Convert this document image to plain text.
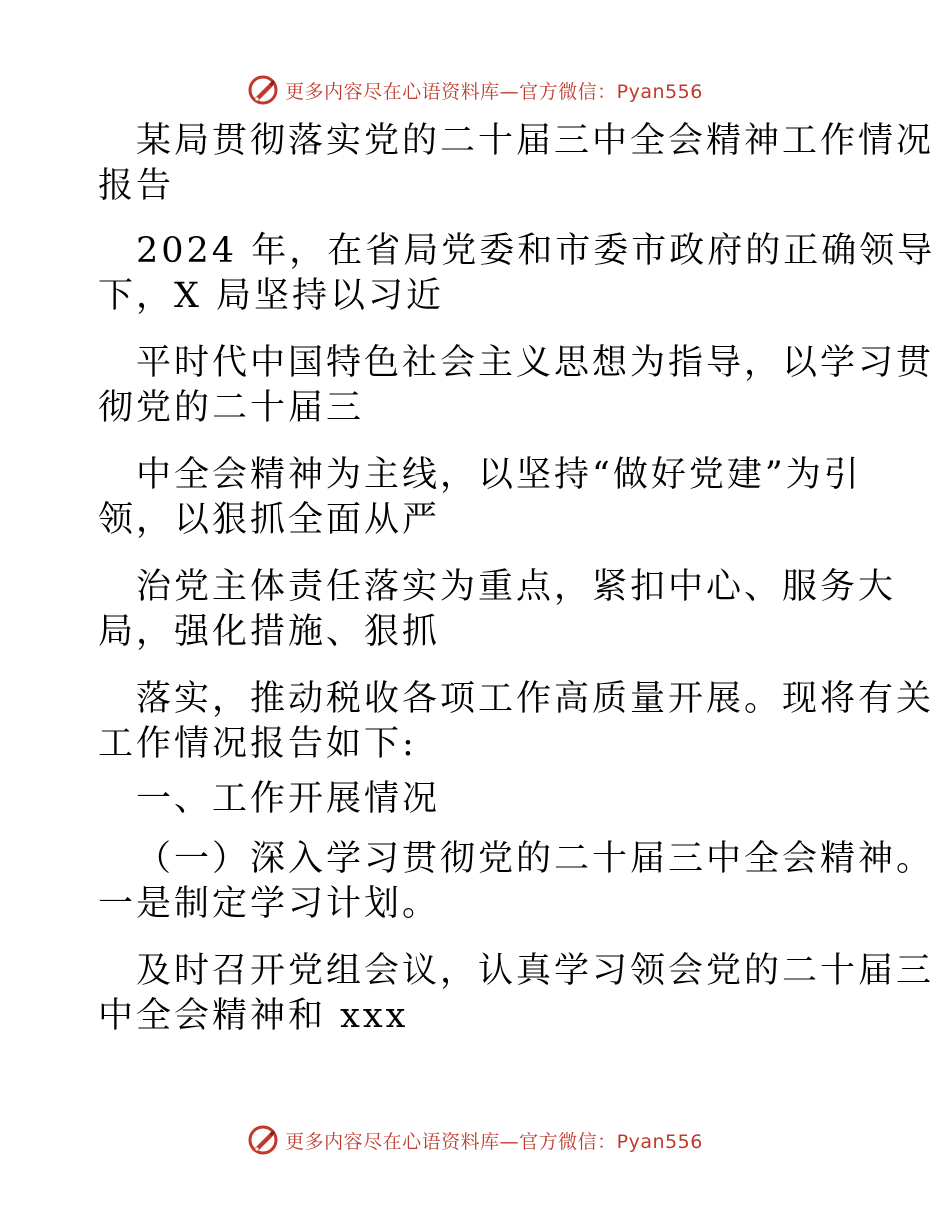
更多内容尽在心语资料库—官方微信：Pyan556
某局贯彻落实党的二十届三中全会精神工作情况
报告
2024 年，在省局党委和市委市政府的正确领导
下，X 局坚持以习近
平时代中国特色社会主义思想为指导，以学习贯
彻党的二十届三
中全会精神为主线，以坚持“做好党建”为引
领，以狠抓全面从严
治党主体责任落实为重点，紧扣中心、服务大
局，强化措施、狠抓
落实，推动税收各项工作高质量开展。现将有关
工作情况报告如下:
一、工作开展情况
（一）深入学习贯彻党的二十届三中全会精神。
一是制定学习计划。
及时召开党组会议，认真学习领会党的二十届三
中全会精神和 xxx
更多内容尽在心语资料库—官方微信：Pyan556
